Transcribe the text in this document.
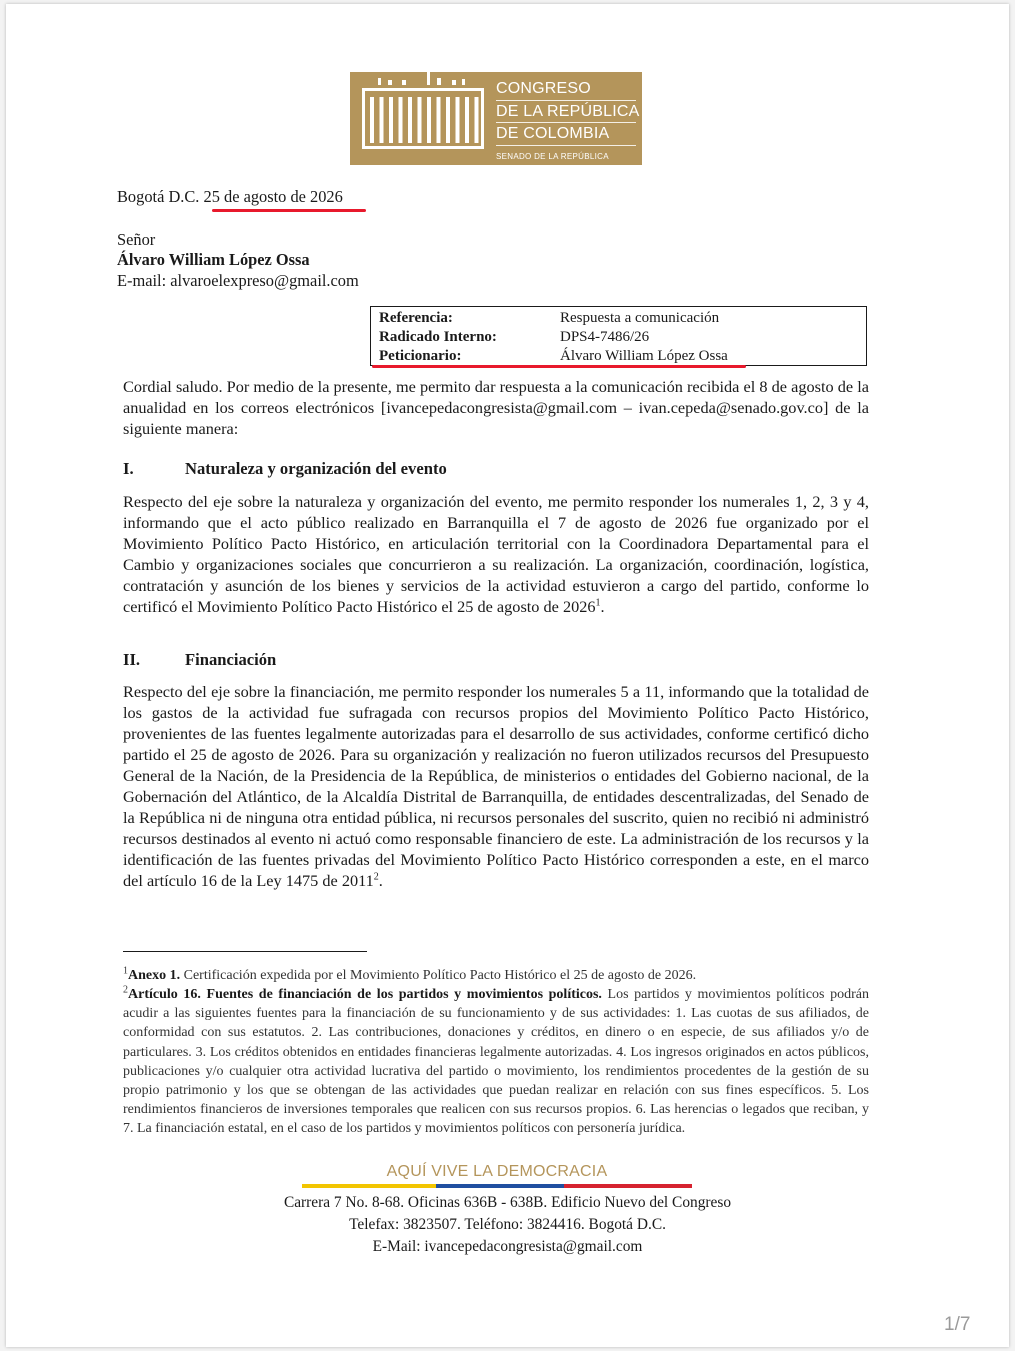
CONGRESO
DE LA REPÚBLICA
DE COLOMBIA
SENADO DE LA REPÚBLICA
Bogotá D.C. 25 de agosto de 2026
Señor
Álvaro William López Ossa
E-mail: alvaroelexpreso@gmail.com
Referencia:	Respuesta a comunicación
Radicado Interno:	DPS4-7486/26
Peticionario:	Álvaro William López Ossa
Cordial saludo. Por medio de la presente, me permito dar respuesta a la comunicación recibida el 8 de agosto de la anualidad en los correos electrónicos [ivancepedacongresista@gmail.com – ivan.cepeda@senado.gov.co] de la siguiente manera:
I.	Naturaleza y organización del evento
Respecto del eje sobre la naturaleza y organización del evento, me permito responder los numerales 1, 2, 3 y 4, informando que el acto público realizado en Barranquilla el 7 de agosto de 2026 fue organizado por el Movimiento Político Pacto Histórico, en articulación territorial con la Coordinadora Departamental para el Cambio y organizaciones sociales que concurrieron a su realización. La organización, coordinación, logística, contratación y asunción de los bienes y servicios de la actividad estuvieron a cargo del partido, conforme lo certificó el Movimiento Político Pacto Histórico el 25 de agosto de 2026$^1$.
II.	Financiación
Respecto del eje sobre la financiación, me permito responder los numerales 5 a 11, informando que la totalidad de los gastos de la actividad fue sufragada con recursos propios del Movimiento Político Pacto Histórico, provenientes de las fuentes legalmente autorizadas para el desarrollo de sus actividades, conforme certificó dicho partido el 25 de agosto de 2026. Para su organización y realización no fueron utilizados recursos del Presupuesto General de la Nación, de la Presidencia de la República, de ministerios o entidades del Gobierno nacional, de la Gobernación del Atlántico, de la Alcaldía Distrital de Barranquilla, de entidades descentralizadas, del Senado de la República ni de ninguna otra entidad pública, ni recursos personales del suscrito, quien no recibió ni administró recursos destinados al evento ni actuó como responsable financiero de este. La administración de los recursos y la identificación de las fuentes privadas del Movimiento Político Pacto Histórico corresponden a este, en el marco del artículo 16 de la Ley 1475 de 2011$^2$.
$^1$Anexo 1. Certificación expedida por el Movimiento Político Pacto Histórico el 25 de agosto de 2026.
$^2$Artículo 16. Fuentes de financiación de los partidos y movimientos políticos. Los partidos y movimientos políticos podrán acudir a las siguientes fuentes para la financiación de su funcionamiento y de sus actividades: 1. Las cuotas de sus afiliados, de conformidad con sus estatutos. 2. Las contribuciones, donaciones y créditos, en dinero o en especie, de sus afiliados y/o de particulares. 3. Los créditos obtenidos en entidades financieras legalmente autorizadas. 4. Los ingresos originados en actos públicos, publicaciones y/o cualquier otra actividad lucrativa del partido o movimiento, los rendimientos procedentes de la gestión de su propio patrimonio y los que se obtengan de las actividades que puedan realizar en relación con sus fines específicos. 5. Los rendimientos financieros de inversiones temporales que realicen con sus recursos propios. 6. Las herencias o legados que reciban, y 7. La financiación estatal, en el caso de los partidos y movimientos políticos con personería jurídica.
AQUÍ VIVE LA DEMOCRACIA
Carrera 7 No. 8-68. Oficinas 636B - 638B. Edificio Nuevo del Congreso
Telefax: 3823507. Teléfono: 3824416. Bogotá D.C.
E-Mail: ivancepedacongresista@gmail.com
1/7
